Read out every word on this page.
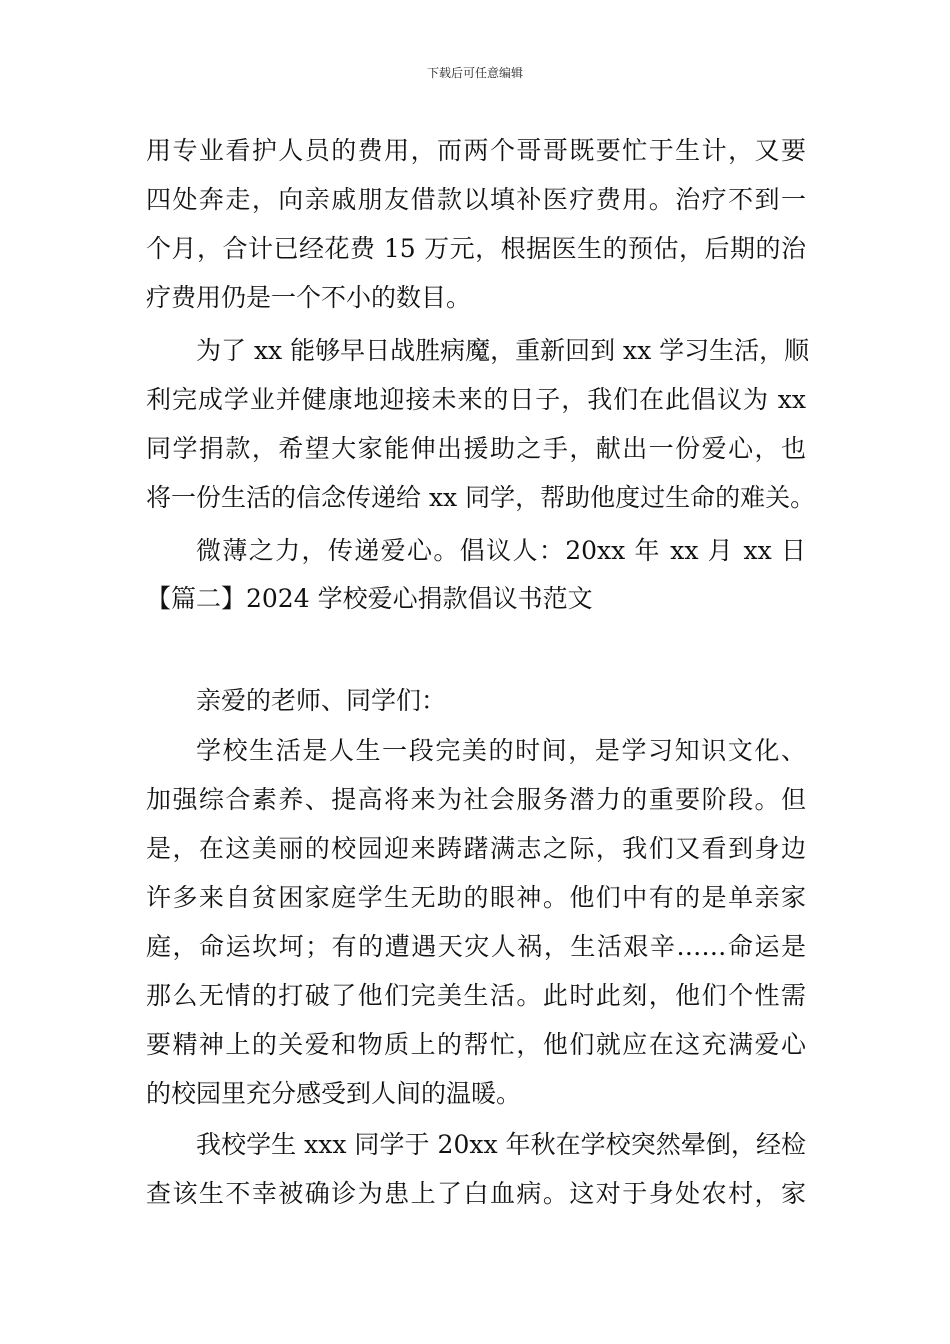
下载后可任意编辑
用专业看护人员的费用，而两个哥哥既要忙于生计，又要
四处奔走，向亲戚朋友借款以填补医疗费用。治疗不到一
个月，合计已经花费 15 万元，根据医生的预估，后期的治
疗费用仍是一个不小的数目。
为了 xx 能够早日战胜病魔，重新回到 xx 学习生活，顺
利完成学业并健康地迎接未来的日子，我们在此倡议为 xx
同学捐款，希望大家能伸出援助之手，献出一份爱心，也
将一份生活的信念传递给 xx 同学，帮助他度过生命的难关。
微薄之力，传递爱心。倡议人：20xx 年 xx 月 xx 日
【篇二】2024 学校爱心捐款倡议书范文
亲爱的老师、同学们：
学校生活是人生一段完美的时间，是学习知识文化、
加强综合素养、提高将来为社会服务潜力的重要阶段。但
是，在这美丽的校园迎来踌躇满志之际，我们又看到身边
许多来自贫困家庭学生无助的眼神。他们中有的是单亲家
庭，命运坎坷；有的遭遇天灾人祸，生活艰辛……命运是
那么无情的打破了他们完美生活。此时此刻，他们个性需
要精神上的关爱和物质上的帮忙，他们就应在这充满爱心
的校园里充分感受到人间的温暖。
我校学生 xxx 同学于 20xx 年秋在学校突然晕倒，经检
查该生不幸被确诊为患上了白血病。这对于身处农村，家
